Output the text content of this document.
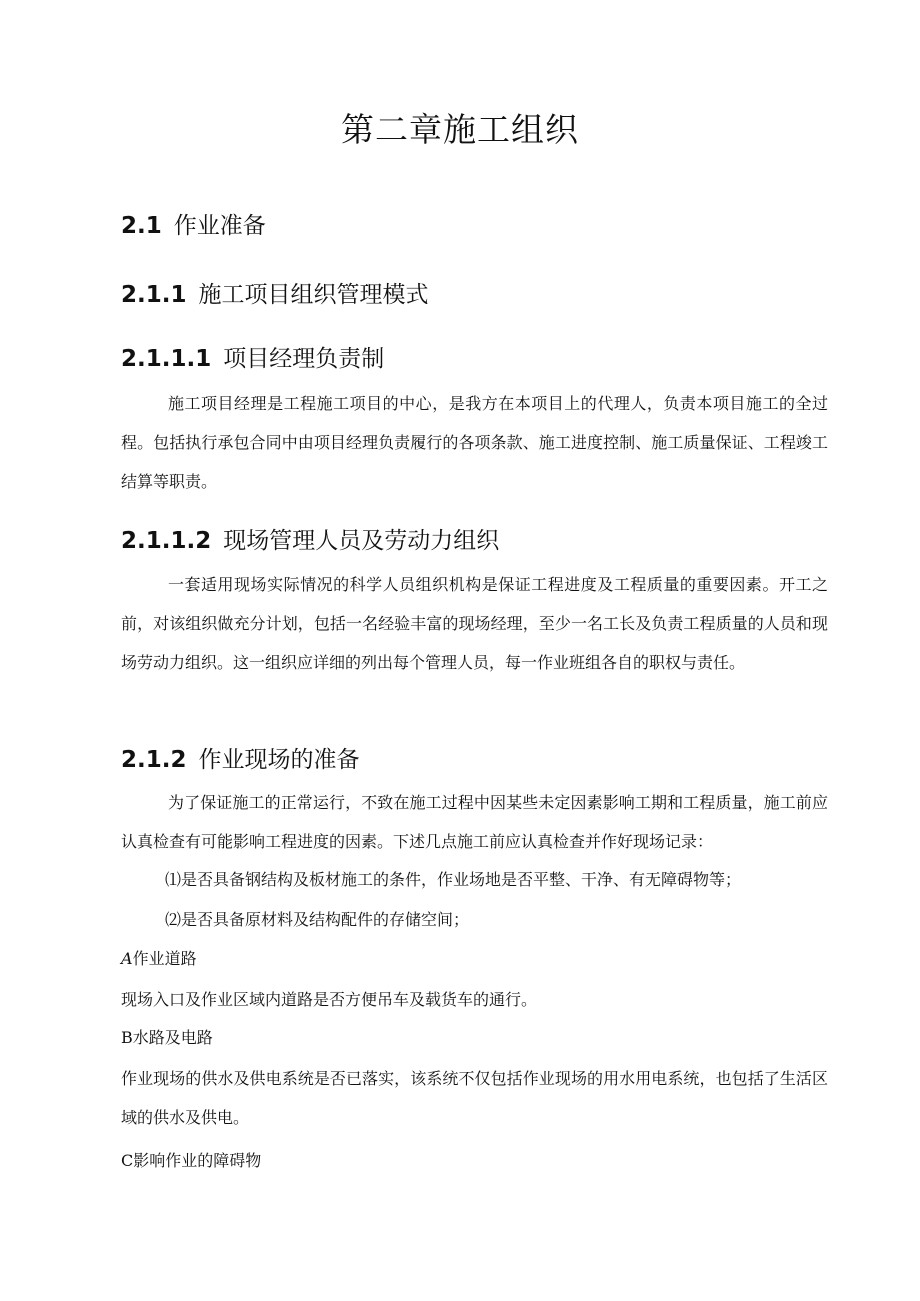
第二章施工组织
2.1 作业准备
2.1.1 施工项目组织管理模式
2.1.1.1 项目经理负责制

施工项目经理是工程施工项目的中心，是我方在本项目上的代理人，负责本项目施工的全过程。包括执行承包合同中由项目经理负责履行的各项条款、施工进度控制、施工质量保证、工程竣工结算等职责。

2.1.1.2 现场管理人员及劳动力组织

一套适用现场实际情况的科学人员组织机构是保证工程进度及工程质量的重要因素。开工之前，对该组织做充分计划，包括一名经验丰富的现场经理，至少一名工长及负责工程质量的人员和现场劳动力组织。这一组织应详细的列出每个管理人员，每一作业班组各自的职权与责任。

2.1.2 作业现场的准备

为了保证施工的正常运行，不致在施工过程中因某些未定因素影响工期和工程质量，施工前应认真检查有可能影响工程进度的因素。下述几点施工前应认真检查并作好现场记录：

⑴是否具备钢结构及板材施工的条件，作业场地是否平整、干净、有无障碍物等；

⑵是否具备原材料及结构配件的存储空间；

A作业道路

现场入口及作业区域内道路是否方便吊车及载货车的通行。

B水路及电路

作业现场的供水及供电系统是否已落实，该系统不仅包括作业现场的用水用电系统，也包括了生活区域的供水及供电。

C影响作业的障碍物
